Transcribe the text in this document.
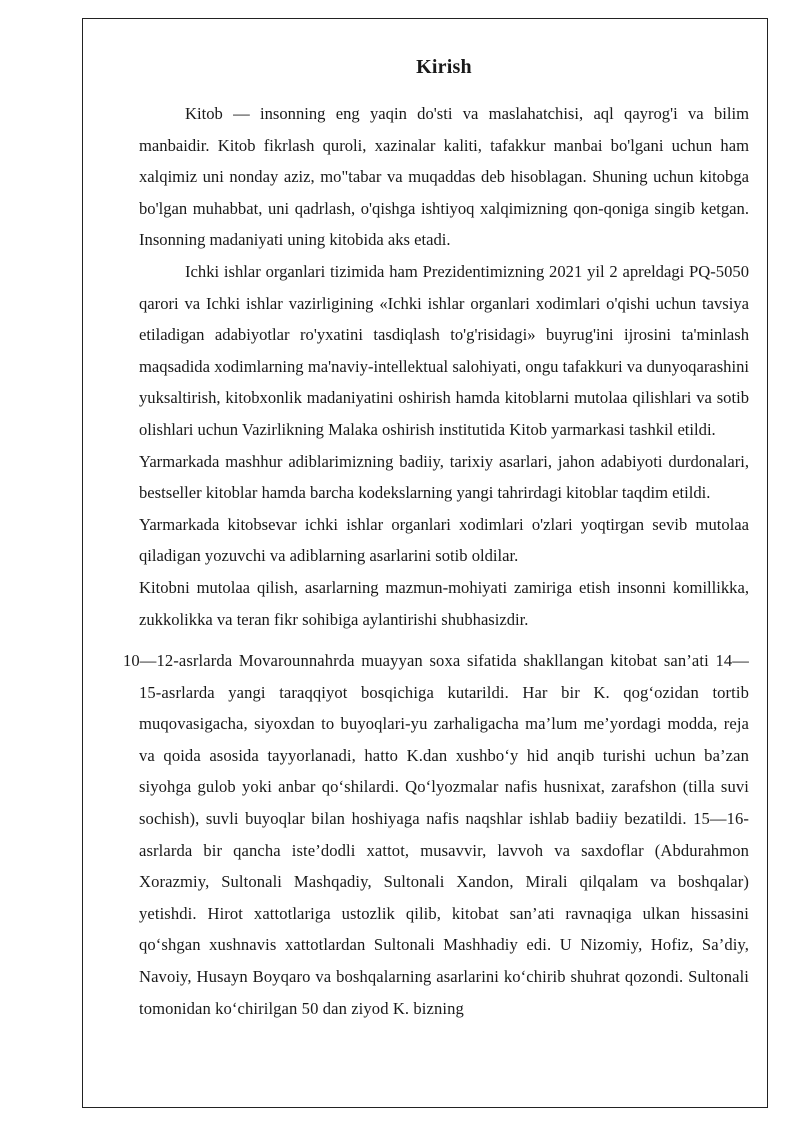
Kirish

Kitob — insonning eng yaqin do'sti va maslahatchisi, aql qayrog'i va bilim manbaidir. Kitob fikrlash quroli, xazinalar kaliti, tafakkur manbai bo'lgani uchun ham xalqimiz uni nonday aziz, mo"tabar va muqaddas deb hisoblagan. Shuning uchun kitobga bo'lgan muhabbat, uni qadrlash, o'qishga ishtiyoq xalqimizning qon-qoniga singib ketgan. Insonning madaniyati uning kitobida aks etadi.

Ichki ishlar organlari tizimida ham Prezidentimizning 2021 yil 2 apreldagi PQ-5050 qarori va Ichki ishlar vazirligining «Ichki ishlar organlari xodimlari o'qishi uchun tavsiya etiladigan adabiyotlar ro'yxatini tasdiqlash to'g'risidagi» buyrug'ini ijrosini ta'minlash maqsadida xodimlarning ma'naviy-intellektual salohiyati, ongu tafakkuri va dunyoqarashini yuksaltirish, kitobxonlik madaniyatini oshirish hamda kitoblarni mutolaa qilishlari va sotib olishlari uchun Vazirlikning Malaka oshirish institutida Kitob yarmarkasi tashkil etildi.

Yarmarkada mashhur adiblarimizning badiiy, tarixiy asarlari, jahon adabiyoti durdonalari, bestseller kitoblar hamda barcha kodekslarning yangi tahrirdagi kitoblar taqdim etildi.

Yarmarkada kitobsevar ichki ishlar organlari xodimlari o'zlari yoqtirgan sevib mutolaa qiladigan yozuvchi va adiblarning asarlarini sotib oldilar.

Kitobni mutolaa qilish, asarlarning mazmun-mohiyati zamiriga etish insonni komillikka, zukkolikka va teran fikr sohibiga aylantirishi shubhasizdir.

10—12-asrlarda Movarounnahrda muayyan soxa sifatida shakllangan kitobat san’ati 14—15-asrlarda yangi taraqqiyot bosqichiga kutarildi. Har bir K. qog‘ozidan tortib muqovasigacha, siyoxdan to buyoqlari-yu zarhaligacha ma’lum me’yordagi modda, reja va qoida asosida tayyorlanadi, hatto K.dan xushbo‘y hid anqib turishi uchun ba’zan siyohga gulob yoki anbar qo‘shilardi. Qo‘lyozmalar nafis husnixat, zarafshon (tilla suvi sochish), suvli buyoqlar bilan hoshiyaga nafis naqshlar ishlab badiiy bezatildi. 15—16-asrlarda bir qancha iste’dodli xattot, musavvir, lavvoh va saxdoflar (Abdurahmon Xorazmiy, Sultonali Mashqadiy, Sultonali Xandon, Mirali qilqalam va boshqalar) yetishdi. Hirot xattotlariga ustozlik qilib, kitobat san’ati ravnaqiga ulkan hissasini qo‘shgan xushnavis xattotlardan Sultonali Mashhadiy edi. U Nizomiy, Hofiz, Sa’diy, Navoiy, Husayn Boyqaro va boshqalarning asarlarini ko‘chirib shuhrat qozondi. Sultonali tomonidan ko‘chirilgan 50 dan ziyod K. bizning
